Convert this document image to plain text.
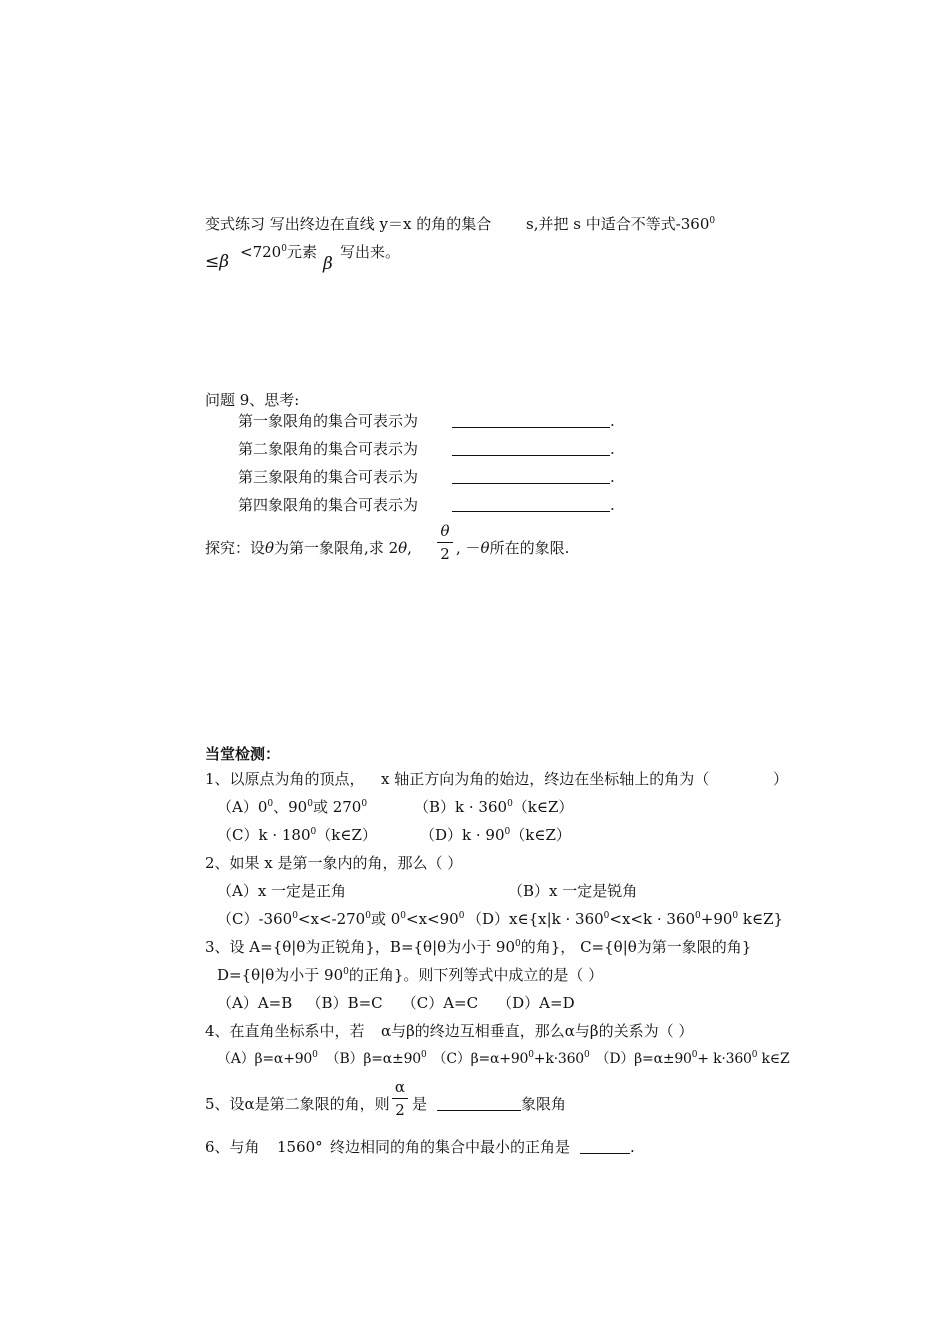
变式练习 写出终边在直线 y＝x 的角的集合 s,并把 s 中适合不等式$-360^0$
$\le\beta <720^0$元素
β
写出来。
问题 9、思考:
第一象限角的集合可表示为	.
第二象限角的集合可表示为	.
第三象限角的集合可表示为	.
第四象限角的集合可表示为	.
探究：设θ为第一象限角,求 2θ,
θ
2 , －θ所在的象限.
当堂检测：
1、以原点为角的顶点， x 轴正方向为角的始边，终边在坐标轴上的角为（	）
$(A)0^0$、$90^0$或 $270^0$	$(B)k \cdot 360^0(k\in Z)$
$(C)k \cdot 180^0(k\in Z)$	$(D)k \cdot 90^0(k\in Z)$
2、如果 x 是第一象内的角，那么（ ）
（A）x 一定是正角	（B）x 一定是锐角
$(C)-360^0<x<-270^0$或 $0^0<x<90^0$ （D）x∈{x|k · $360^0<x<k \cdot 360^0+90^0$ k∈Z}
3、设 A={θ|θ为正锐角}，B={θ|θ为小于 $90^0$的角}， C={θ|θ为第一象限的角}
D={θ|θ为小于 $90^0$的正角}。则下列等式中成立的是（ ）
（A）A=B   （B）B=C    （C）A=C    （D）A=D
4、在直角坐标系中，若 α与β的终边互相垂直，那么α与β的关系为（ ）
$(A)\beta=\alpha+90^0$ $(B)\beta=\alpha\pm 90^0$ $(C)\beta=\alpha+90^0+k\cdot 360^0$ $(D)\beta=\alpha\pm 90^0+ k\cdot 360^0$ k∈Z
5、设α是第二象限的角，则
α
2 是	象限角
6、与角 1560° 终边相同的角的集合中最小的正角是	.
